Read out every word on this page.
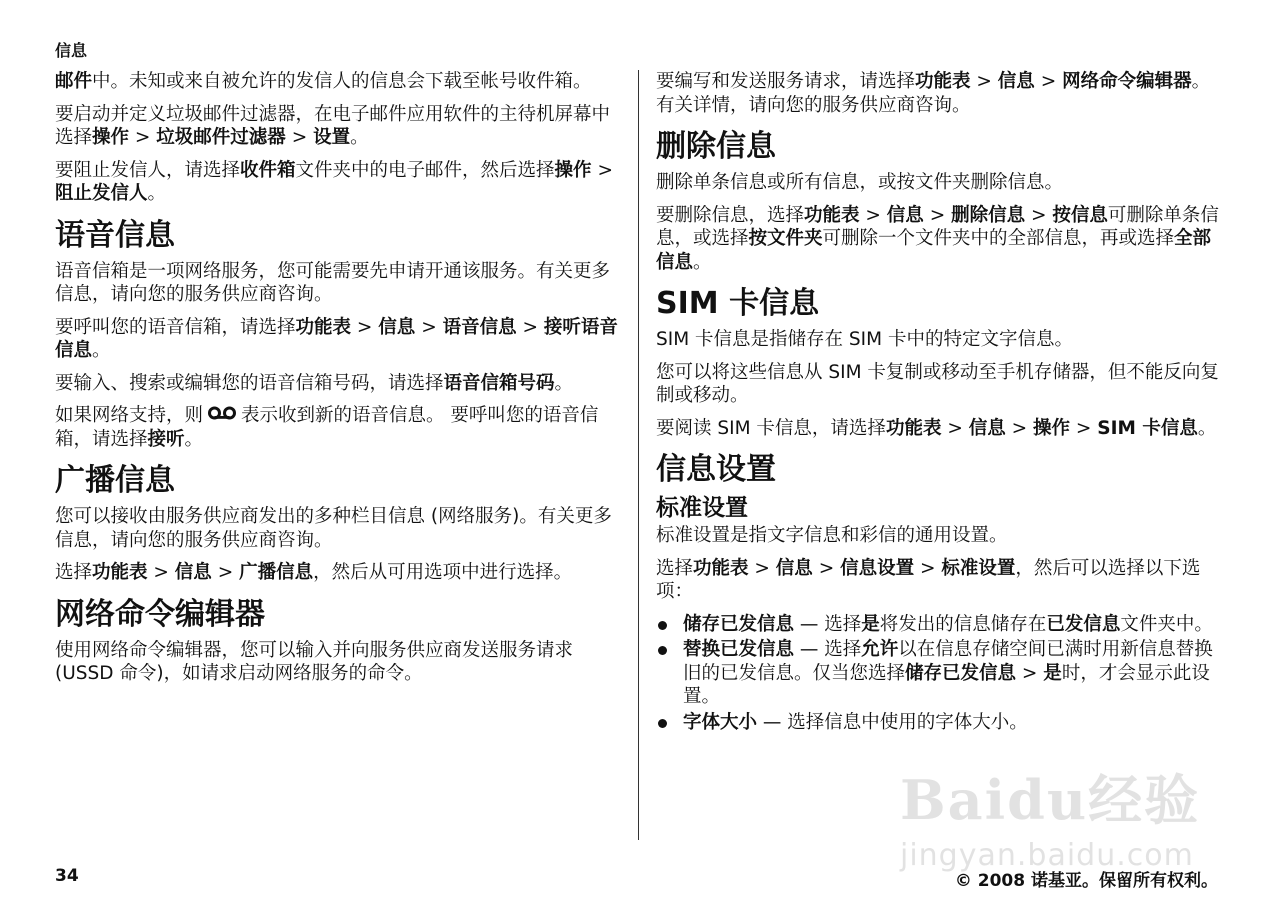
信息

邮件中。未知或来自被允许的发信人的信息会下载至帐号收件箱。

要启动并定义垃圾邮件过滤器，在电子邮件应用软件的主待机屏幕中选择操作 > 垃圾邮件过滤器 > 设置。

要阻止发信人，请选择收件箱文件夹中的电子邮件，然后选择操作 > 阻止发信人。

语音信息

语音信箱是一项网络服务，您可能需要先申请开通该服务。有关更多信息，请向您的服务供应商咨询。

要呼叫您的语音信箱，请选择功能表 > 信息 > 语音信息 > 接听语音信息。

要输入、搜索或编辑您的语音信箱号码，请选择语音信箱号码。

如果网络支持，则 表示收到新的语音信息。 要呼叫您的语音信箱，请选择接听。

广播信息

您可以接收由服务供应商发出的多种栏目信息 (网络服务)。有关更多信息，请向您的服务供应商咨询。

选择功能表 > 信息 > 广播信息，然后从可用选项中进行选择。

网络命令编辑器

使用网络命令编辑器，您可以输入并向服务供应商发送服务请求 (USSD 命令)，如请求启动网络服务的命令。

要编写和发送服务请求，请选择功能表 > 信息 > 网络命令编辑器。有关详情，请向您的服务供应商咨询。

删除信息

删除单条信息或所有信息，或按文件夹删除信息。

要删除信息，选择功能表 > 信息 > 删除信息 > 按信息可删除单条信息，或选择按文件夹可删除一个文件夹中的全部信息，再或选择全部信息。

SIM 卡信息

SIM 卡信息是指储存在 SIM 卡中的特定文字信息。

您可以将这些信息从 SIM 卡复制或移动至手机存储器，但不能反向复制或移动。

要阅读 SIM 卡信息，请选择功能表 > 信息 > 操作 > SIM 卡信息。

信息设置
标准设置

标准设置是指文字信息和彩信的通用设置。

选择功能表 > 信息 > 信息设置 > 标准设置，然后可以选择以下选项：

储存已发信息 — 选择是将发出的信息储存在已发信息文件夹中。
替换已发信息 — 选择允许以在信息存储空间已满时用新信息替换旧的已发信息。仅当您选择储存已发信息 > 是时，才会显示此设置。
字体大小 — 选择信息中使用的字体大小。
34	© 2008 诺基亚。保留所有权利。
Baidu经验
jingyan.baidu.com
